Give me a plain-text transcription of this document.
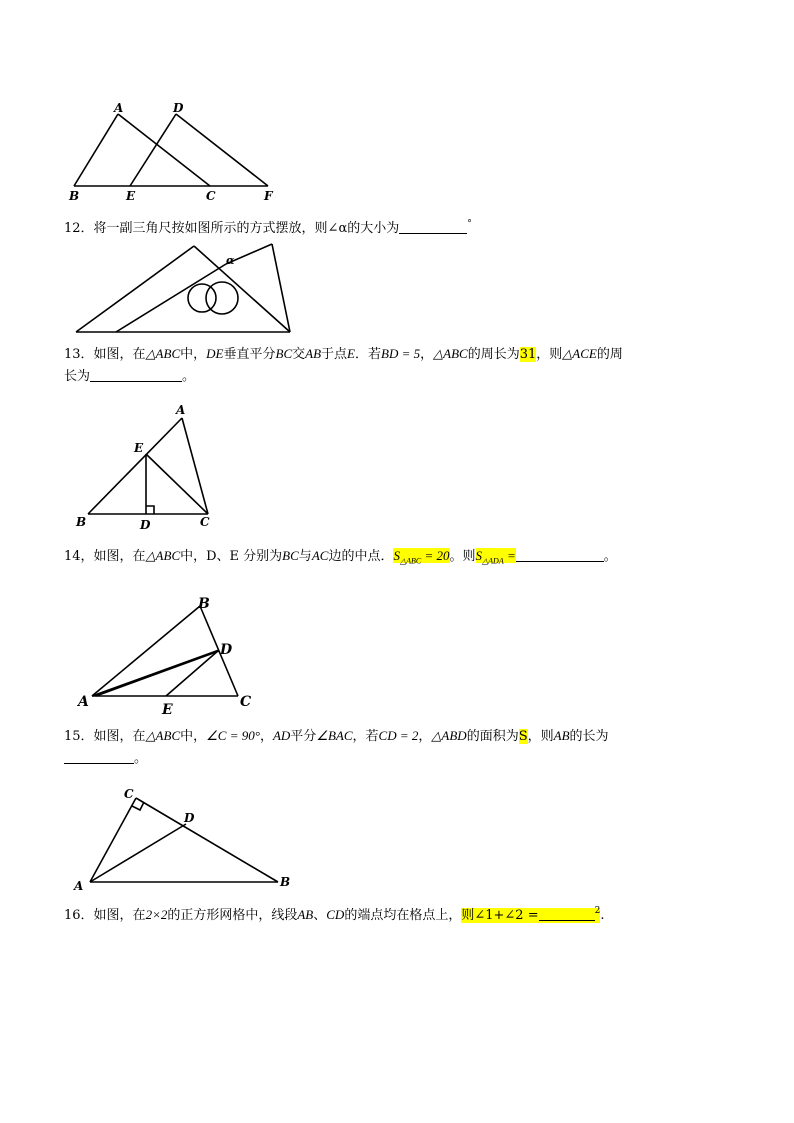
A	D
B	E	C	F
12．将一副三角尺按如图所示的方式摆放，则∠α的大小为	°
α
13．如图，在△ABC中，DE垂直平分BC交AB于点E．若BD = 5，△ABC的周长为31，则△ACE的周
长为	。
A
E
B	D	C
14，如图，在△ABC中，D、E 分别为BC与AC边的中点．$S_{\triangle ABC} = 20$。则$S_{\triangle ADA}$ =	。
B
D
A	E	C
15．如图，在△ABC中，∠C = 90°，AD平分∠BAC，若CD = 2，△ABD的面积为S，则AB的长为
。
C
D
A	B
16．如图，在2×2的正方形网格中，线段AB、CD的端点均在格点上，则∠1+∠2 =	$^2$.
